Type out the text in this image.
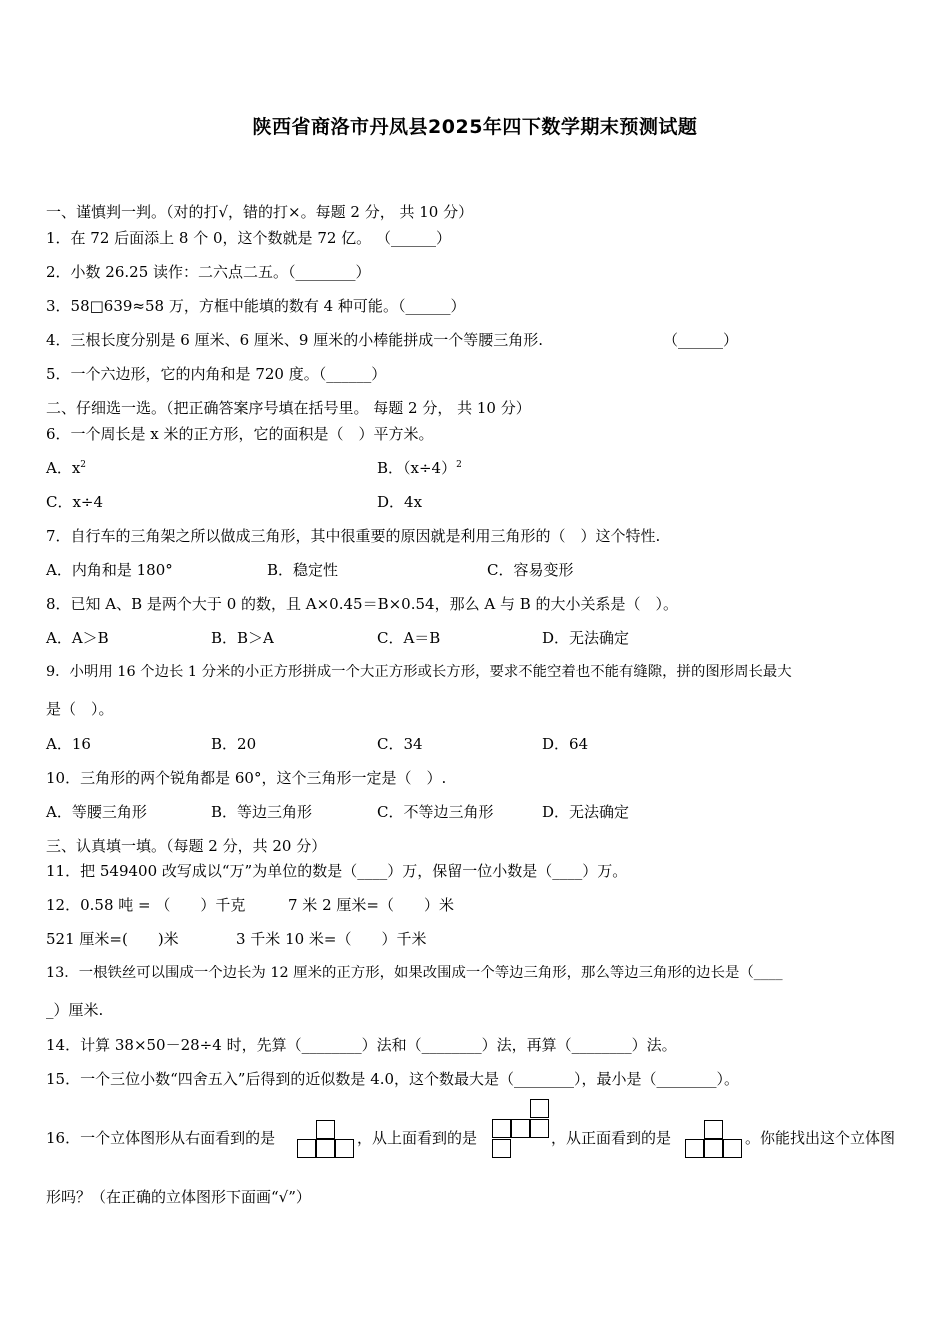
陕西省商洛市丹凤县2025年四下数学期末预测试题
一、谨慎判一判。（对的打√，错的打×。每题 2 分， 共 10 分）
1．在 72 后面添上 8 个 0，这个数就是 72 亿。 （______）
2．小数 26.25 读作：二六点二五。（________）
3．58□639≈58 万，方框中能填的数有 4 种可能。（______）
4．三根长度分别是 6 厘米、6 厘米、9 厘米的小棒能拼成一个等腰三角形.	（______）
5．一个六边形，它的内角和是 720 度。（______）
二、仔细选一选。（把正确答案序号填在括号里。 每题 2 分， 共 10 分）
6．一个周长是 x 米的正方形，它的面积是（　）平方米。
A．$x^2$	B．$(x\div 4)^2$
C．x÷4	D．4x
7．自行车的三角架之所以做成三角形，其中很重要的原因就是利用三角形的（　）这个特性.
A．内角和是 180°	B．稳定性	C．容易变形
8．已知 A、B 是两个大于 0 的数，且 A×0.45＝B×0.54，那么 A 与 B 的大小关系是（　）。
A．A＞B	B．B＞A	C．A＝B	D．无法确定
9．小明用 16 个边长 1 分米的小正方形拼成一个大正方形或长方形，要求不能空着也不能有缝隙，拼的图形周长最大
是（　）。
A．16	B．20	C．34	D．64
10．三角形的两个锐角都是 60°，这个三角形一定是（　）.
A．等腰三角形	B．等边三角形	C．不等边三角形	D．无法确定
三、认真填一填。（每题 2 分，共 20 分）
11．把 549400 改写成以“万”为单位的数是（____）万，保留一位小数是（____）万。
12．0.58 吨 = （　　）千克	7 米 2 厘米=（　　）米
521 厘米=(　　)米	3 千米 10 米=（　　）千米
13．一根铁丝可以围成一个边长为 12 厘米的正方形，如果改围成一个等边三角形，那么等边三角形的边长是（____
_）厘米.
14．计算 38×50－28÷4 时，先算（________）法和（________）法，再算（________）法。
15．一个三位小数“四舍五入”后得到的近似数是 4.0，这个数最大是（________），最小是（________）。
16．一个立体图形从右面看到的是	，从上面看到的是	，从正面看到的是	。你能找出这个立体图
形吗？（在正确的立体图形下面画“√”）
